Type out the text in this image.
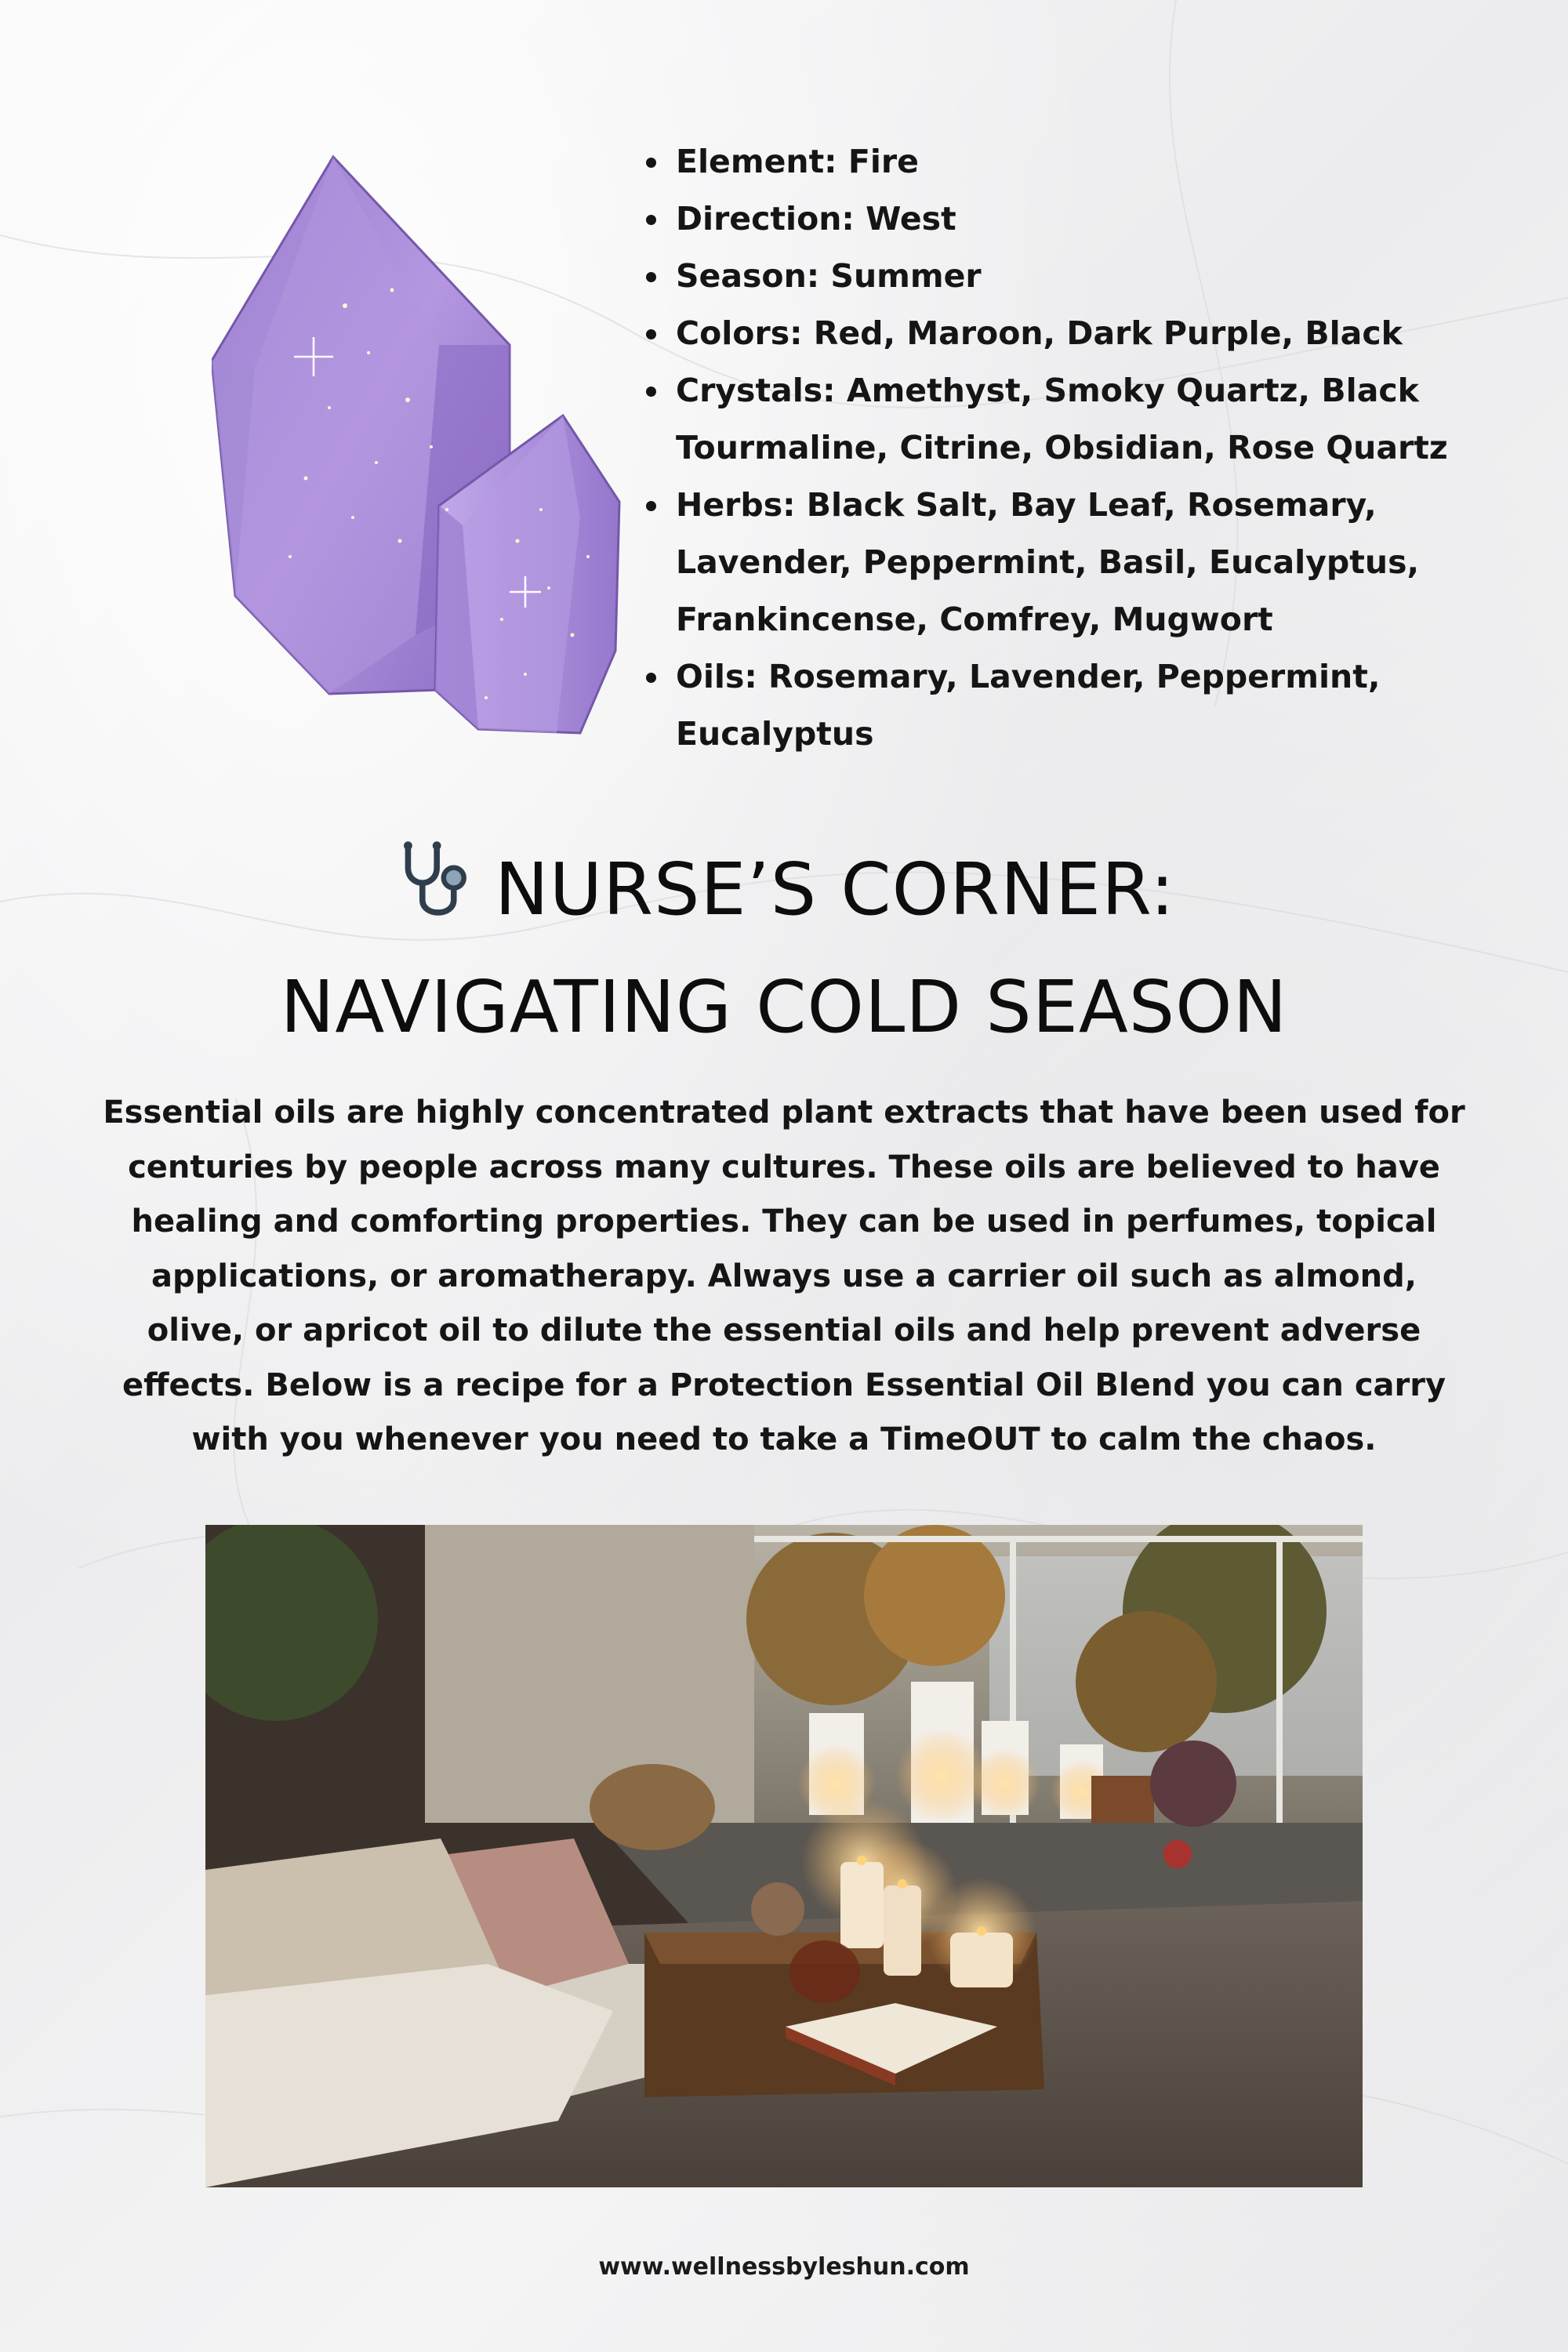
Element: Fire
Direction: West
Season: Summer
Colors: Red, Maroon, Dark Purple, Black
Crystals: Amethyst, Smoky Quartz, Black Tourmaline, Citrine, Obsidian, Rose Quartz
Herbs: Black Salt, Bay Leaf, Rosemary, Lavender, Peppermint, Basil, Eucalyptus, Frankincense, Comfrey, Mugwort
Oils: Rosemary, Lavender, Peppermint, Eucalyptus
NURSE’S CORNER:
NAVIGATING COLD SEASON

Essential oils are highly concentrated plant extracts that have been used for centuries by people across many cultures. These oils are believed to have healing and comforting properties. They can be used in perfumes, topical applications, or aromatherapy. Always use a carrier oil such as almond, olive, or apricot oil to dilute the essential oils and help prevent adverse effects. Below is a recipe for a Protection Essential Oil Blend you can carry with you whenever you need to take a TimeOUT to calm the chaos.

www.wellnessbyleshun.com
